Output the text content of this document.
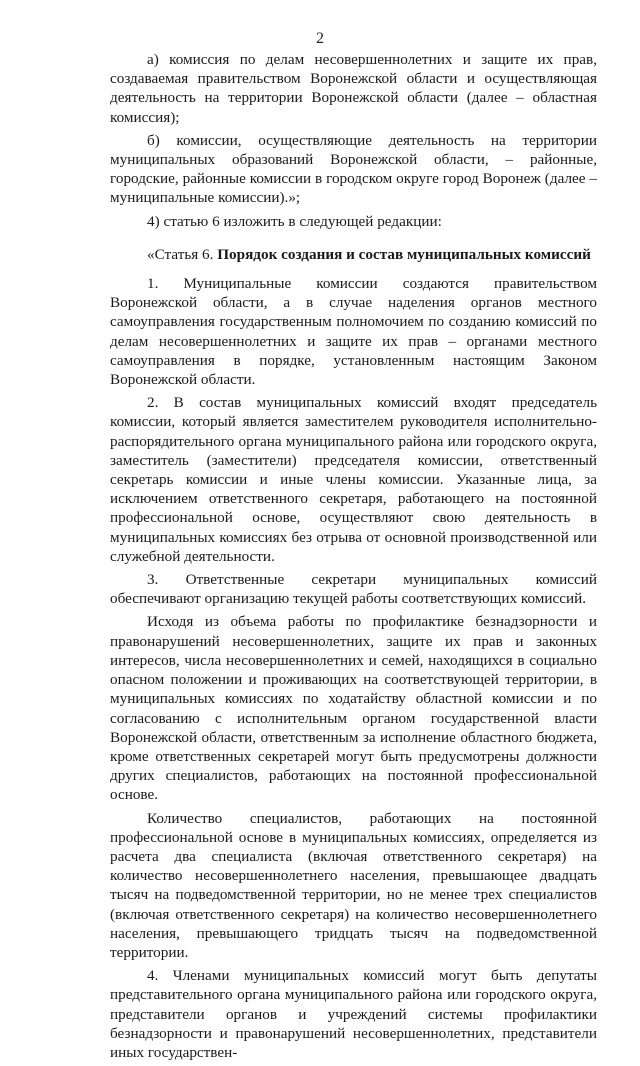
2

а) комиссия по делам несовершеннолетних и защите их прав, создаваемая правительством Воронежской области и осуществляющая деятельность на территории Воронежской области (далее – областная комиссия);

б) комиссии, осуществляющие деятельность на территории муниципальных образований Воронежской области, – районные, городские, районные комиссии в городском округе город Воронеж (далее – муниципальные комиссии).»;

4) статью 6 изложить в следующей редакции:

«Статья 6. Порядок создания и состав муниципальных комиссий

1. Муниципальные комиссии создаются правительством Воронежской области, а в случае наделения органов местного самоуправления государственным полномочием по созданию комиссий по делам несовершеннолетних и защите их прав – органами местного самоуправления в порядке, установленным настоящим Законом Воронежской области.

2. В состав муниципальных комиссий входят председатель комиссии, который является заместителем руководителя исполнительно-распорядительного органа муниципального района или городского округа, заместитель (заместители) председателя комиссии, ответственный секретарь комиссии и иные члены комиссии. Указанные лица, за исключением ответственного секретаря, работающего на постоянной профессиональной основе, осуществляют свою деятельность в муниципальных комиссиях без отрыва от основной производственной или служебной деятельности.

3. Ответственные секретари муниципальных комиссий обеспечивают организацию текущей работы соответствующих комиссий.

Исходя из объема работы по профилактике безнадзорности и правонарушений несовершеннолетних, защите их прав и законных интересов, числа несовершеннолетних и семей, находящихся в социально опасном положении и проживающих на соответствующей территории, в муниципальных комиссиях по ходатайству областной комиссии и по согласованию с исполнительным органом государственной власти Воронежской области, ответственным за исполнение областного бюджета, кроме ответственных секретарей могут быть предусмотрены должности других специалистов, работающих на постоянной профессиональной основе.

Количество специалистов, работающих на постоянной профессиональной основе в муниципальных комиссиях, определяется из расчета два специалиста (включая ответственного секретаря) на количество несовершеннолетнего населения, превышающее двадцать тысяч на подведомственной территории, но не менее трех специалистов (включая ответственного секретаря) на количество несовершеннолетнего населения, превышающего тридцать тысяч на подведомственной территории.

4. Членами муниципальных комиссий могут быть депутаты представительного органа муниципального района или городского округа, представители органов и учреждений системы профилактики безнадзорности и правонарушений несовершеннолетних, представители иных государствен-
